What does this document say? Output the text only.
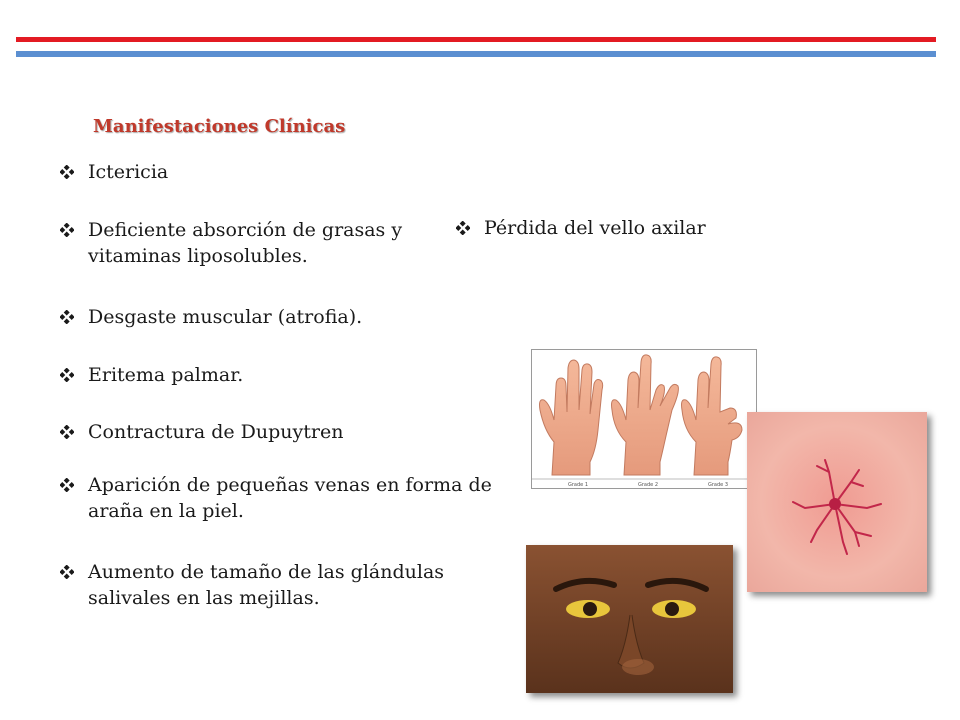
Manifestaciones Clínicas
Ictericia
Deficiente absorción de grasas y
vitaminas liposolubles.
Desgaste muscular (atrofia).
Eritema palmar.
Contractura de Dupuytren
Aparición de pequeñas venas en forma de
araña en la piel.
Aumento de tamaño de las glándulas
salivales en las mejillas.
Pérdida del vello axilar
Grade 1	Grade 2	Grade 3
